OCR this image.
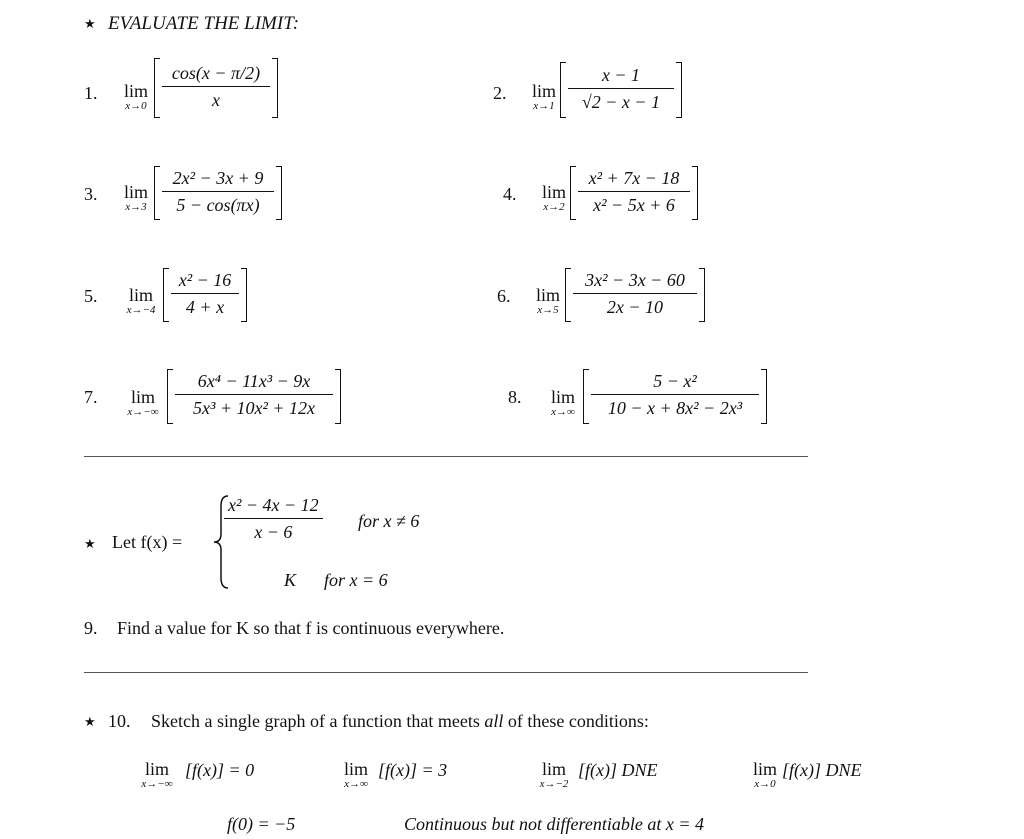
★ EVALUATE THE LIMIT:
1.	lim
x→0
cos(x − π/2)
x	2.	lim
x→1
x − 1
√2 − x − 1
3.	lim
x→3
2x² − 3x + 9
5 − cos(πx)
4.	lim
x→2
x² + 7x − 18
x² − 5x + 6
5.	lim
x→−4
x² − 16
4 + x
6.	lim
x→5
3x² − 3x − 60
2x − 10
7.	lim
x→−∞
6x⁴ − 11x³ − 9x
5x³ + 10x² + 12x
8.	lim
x→∞
5 − x²
10 − x + 8x² − 2x³
★ Let f(x) =
x² − 4x − 12
x − 6
for x ≠ 6
K for x = 6
9. Find a value for K so that f is continuous everywhere.
★ 10. Sketch a single graph of a function that meets all of these conditions:
lim
x→−∞
[f(x)] = 0	lim
x→∞
[f(x)] = 3	lim
x→−2
[f(x)] DNE	lim
x→0
[f(x)] DNE
f(0) = −5	Continuous but not differentiable at x = 4
